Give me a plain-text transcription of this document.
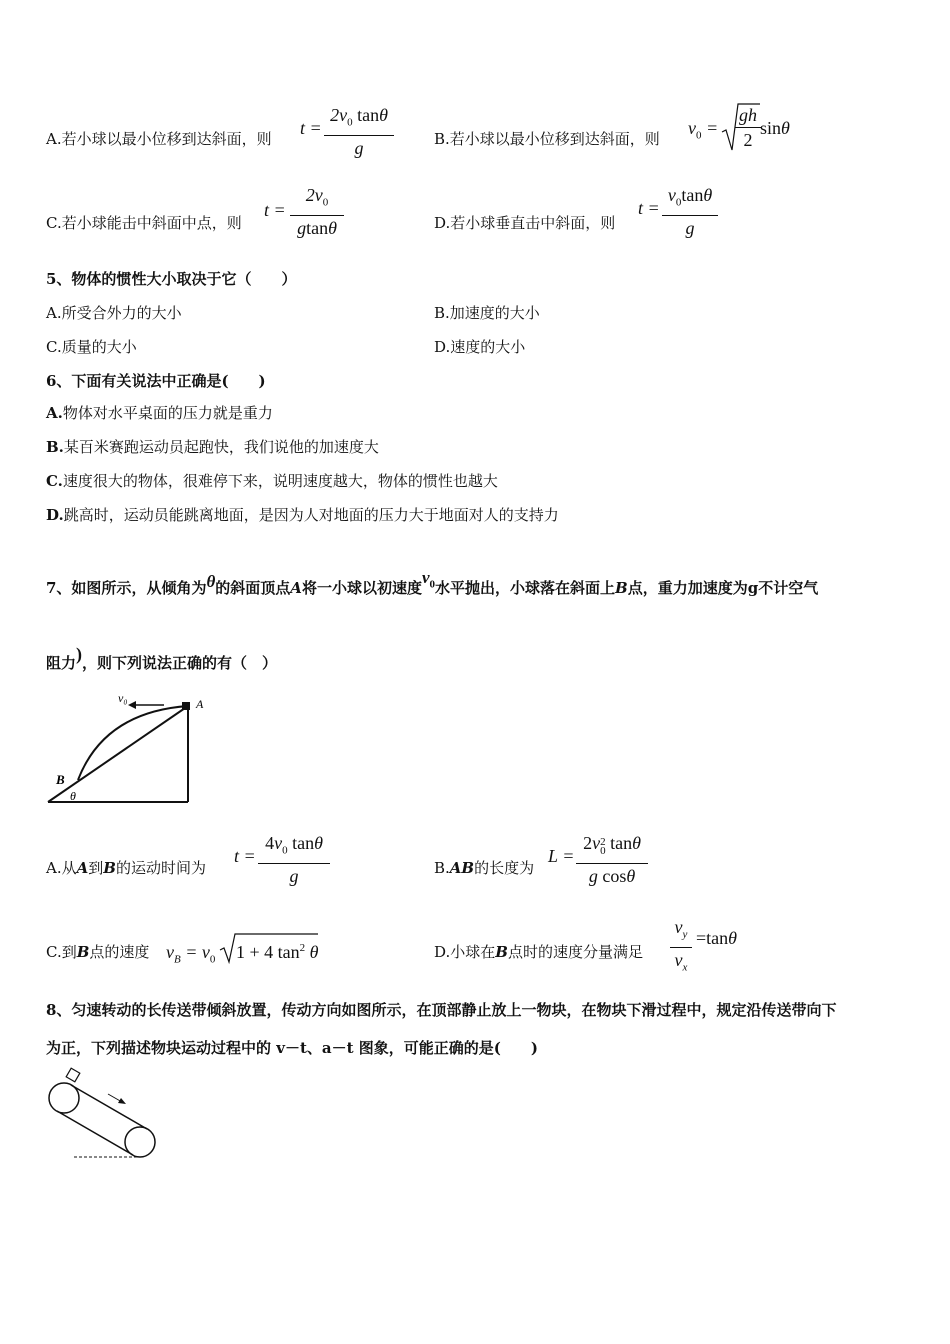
A.若小球以最小位移到达斜面，则
t =
$2v_0$ tanθ
g	B.若小球以最小位移到达斜面，则
$v_0$ =
gh
2
sinθ
C.若小球能击中斜面中点，则
t =
$2v_0$
gtanθ	D.若小球垂直击中斜面，则
t =
$v_0\tan\theta$
g
5、物体的惯性大小取决于它（　　）
A.所受合外力的大小	B.加速度的大小
C.质量的大小	D.速度的大小
6、下面有关说法中正确是(　　)
A.物体对水平桌面的压力就是重力
B.某百米赛跑运动员起跑快，我们说他的加速度大
C.速度很大的物体，很难停下来，说明速度越大，物体的惯性也越大
D.跳高时，运动员能跳离地面，是因为人对地面的压力大于地面对人的支持力
7、如图所示，从倾角为θ的斜面顶点A将一小球以初速度$v_0$水平抛出，小球落在斜面上B点，重力加速度为g不计空气
阻力)，则下列说法正确的有（　）
v₀	A
B
θ
A.从A到B的运动时间为
t =
$4v_0$ tanθ
g	B.AB的长度为
L =
2v $_{2 0}$ tanθ
g cosθ
C.到B点的速度 $v_B = v_0$ 1 + 4 $\tan^2 \theta$	D.小球在B点时的速度分量满足
$v_y$
$v_x$
=tanθ
8、匀速转动的长传送带倾斜放置，传动方向如图所示，在顶部静止放上一物块，在物块下滑过程中，规定沿传送带向下
为正，下列描述物块运动过程中的 v－t、a－t 图象，可能正确的是(　　)
